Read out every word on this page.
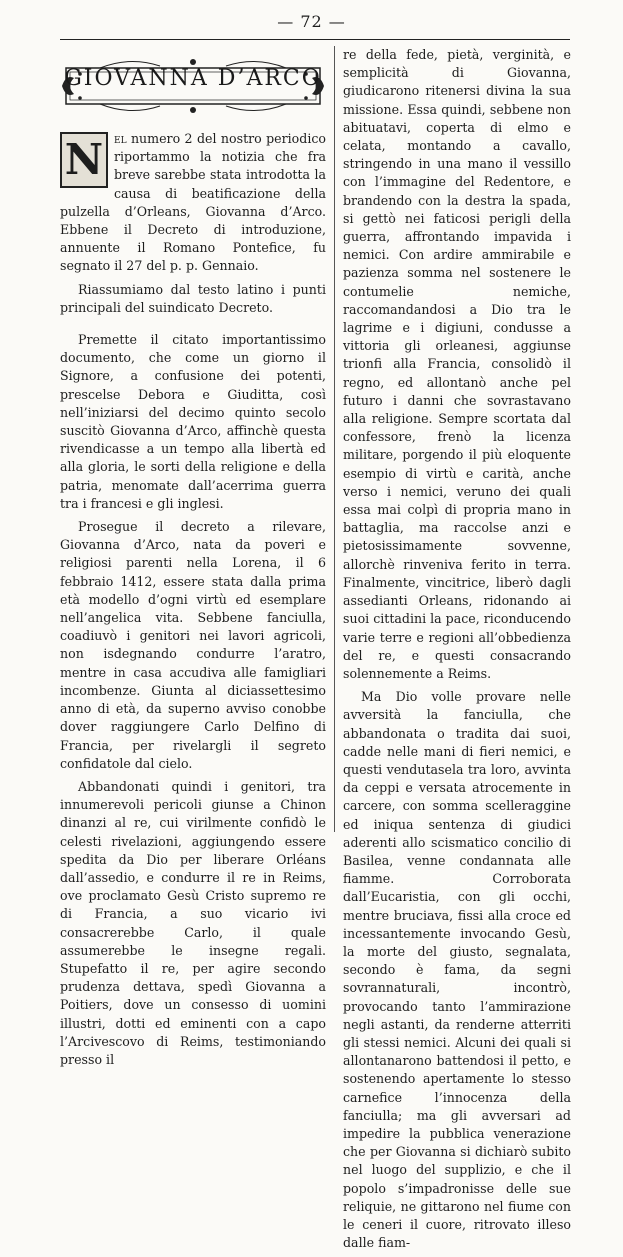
— 72 —
GIOVANNA D’ARCO

N el numero 2 del nostro periodico riportammo la notizia che fra breve sarebbe stata introdotta la causa di beatificazione della pulzella d’Orleans, Giovanna d’Arco. Ebbene il Decreto di introduzione, annuente il Romano Pontefice, fu segnato il 27 del p. p. Gennaio.

Riassumiamo dal testo latino i punti principali del suindicato Decreto.

Premette il citato importantissimo documento, che come un giorno il Signore, a confusione dei potenti, prescelse Debora e Giuditta, così nell’iniziarsi del decimo quinto secolo suscitò Giovanna d’Arco, affinchè questa rivendicasse a un tempo alla libertà ed alla gloria, le sorti della religione e della patria, menomate dall’acerrima guerra tra i francesi e gli inglesi.

Prosegue il decreto a rilevare, Giovanna d’Arco, nata da poveri e religiosi parenti nella Lorena, il 6 febbraio 1412, essere stata dalla prima età modello d’ogni virtù ed esemplare nell’angelica vita. Sebbene fanciulla, coadiuvò i genitori nei lavori agricoli, non isdegnando condurre l’aratro, mentre in casa accudiva alle famigliari incombenze. Giunta al diciassettesimo anno di età, da superno avviso conobbe dover raggiungere Carlo Delfino di Francia, per rivelargli il segreto confidatole dal cielo.

Abbandonati quindi i genitori, tra innumerevoli pericoli giunse a Chinon dinanzi al re, cui virilmente confidò le celesti rivelazioni, aggiungendo essere spedita da Dio per liberare Orléans dall’assedio, e condurre il re in Reims, ove proclamato Gesù Cristo supremo re di Francia, a suo vicario ivi consacrerebbe Carlo, il quale assumerebbe le insegne regali. Stupefatto il re, per agire secondo prudenza dettava, spedì Giovanna a Poitiers, dove un consesso di uomini illustri, dotti ed eminenti con a capo l’Arcivescovo di Reims, testimoniando presso il

re della fede, pietà, verginità, e semplicità di Giovanna, giudicarono ritenersi divina la sua missione. Essa quindi, sebbene non abituatavi, coperta di elmo e celata, montando a cavallo, stringendo in una mano il vessillo con l’immagine del Redentore, e brandendo con la destra la spada, si gettò nei faticosi perigli della guerra, affrontando impavida i nemici. Con ardire ammirabile e pazienza somma nel sostenere le contumelie nemiche, raccomandandosi a Dio tra le lagrime e i digiuni, condusse a vittoria gli orleanesi, aggiunse trionfi alla Francia, consolidò il regno, ed allontanò anche pel futuro i danni che sovrastavano alla religione. Sempre scortata dal confessore, frenò la licenza militare, porgendo il più eloquente esempio di virtù e carità, anche verso i nemici, veruno dei quali essa mai colpì di propria mano in battaglia, ma raccolse anzi e pietosissimamente sovvenne, allorchè rinveniva ferito in terra. Finalmente, vincitrice, liberò dagli assedianti Orleans, ridonando ai suoi cittadini la pace, riconducendo varie terre e regioni all’obbedienza del re, e questi consacrando solennemente a Reims.

Ma Dio volle provare nelle avversità la fanciulla, che abbandonata o tradita dai suoi, cadde nelle mani di fieri nemici, e questi vendutasela tra loro, avvinta da ceppi e versata atrocemente in carcere, con somma scelleraggine ed iniqua sentenza di giudici aderenti allo scismatico concilio di Basilea, venne condannata alle fiamme. Corroborata dall’Eucaristia, con gli occhi, mentre bruciava, fissi alla croce ed incessantemente invocando Gesù, la morte del giusto, segnalata, secondo è fama, da segni sovrannaturali, incontrò, provocando tanto l’ammirazione negli astanti, da renderne atterriti gli stessi nemici. Alcuni dei quali si allontanarono battendosi il petto, e sostenendo apertamente lo stesso carnefice l’innocenza della fanciulla; ma gli avversari ad impedire la pubblica venerazione che per Giovanna si dichiarò subito nel luogo del supplizio, e che il popolo s’impadronisse delle sue reliquie, ne gittarono nel fiume con le ceneri il cuore, ritrovato illeso dalle fiam-
